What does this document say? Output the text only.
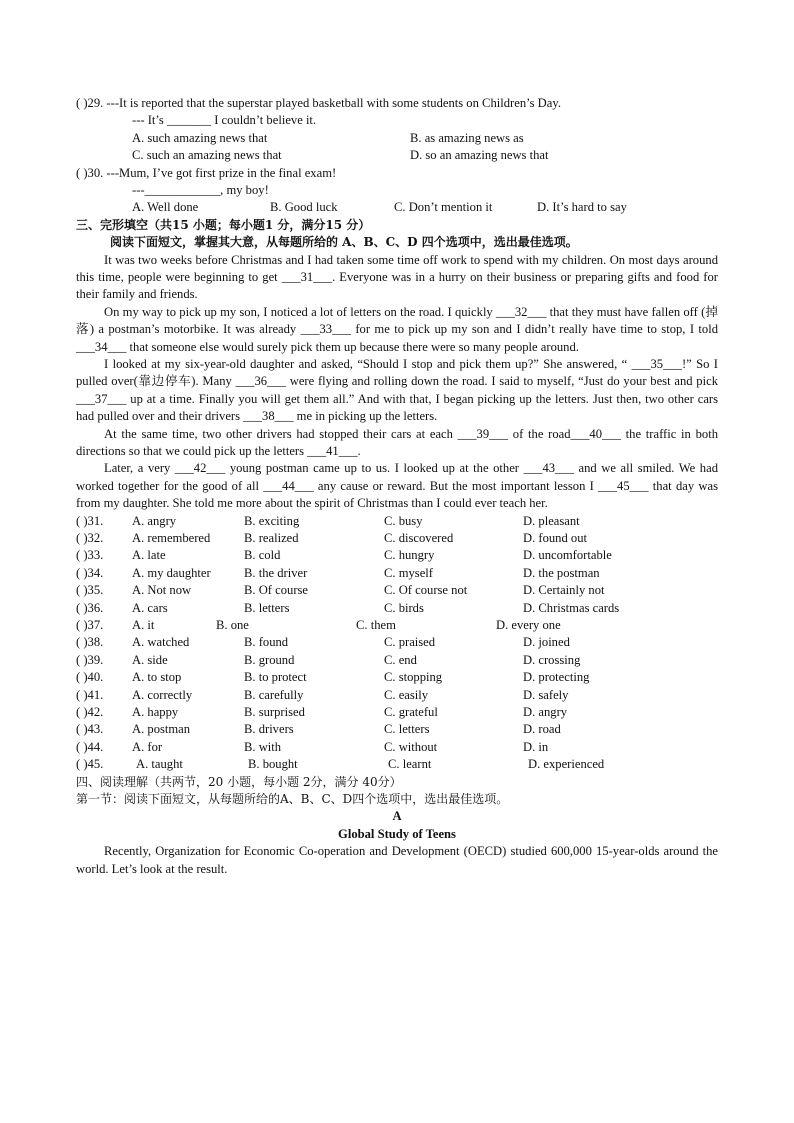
( )29. ---It is reported that the superstar played basketball with some students on Children’s Day.
--- It’s _______ I couldn’t believe it.
A. such amazing news that	B. as amazing news as
C. such an amazing news that	D. so an amazing news that
( )30. ---Mum, I’ve got first prize in the final exam!
---____________, my boy!
A. Well done	B. Good luck	C. Don’t mention it	D. It’s hard to say
三、完形填空（共15 小题；每小题1 分，满分15 分）
阅读下面短文，掌握其大意，从每题所给的 A、B、C、D 四个选项中，选出最佳选项。

It was two weeks before Christmas and I had taken some time off work to spend with my children. On most days around this time, people were beginning to get ___31___. Everyone was in a hurry on their business or preparing gifts and food for their family and friends.

On my way to pick up my son, I noticed a lot of letters on the road. I quickly ___32___ that they must have fallen off (掉落) a postman’s motorbike. It was already ___33___ for me to pick up my son and I didn’t really have time to stop, I told ___34___ that someone else would surely pick them up because there were so many people around.

I looked at my six-year-old daughter and asked, “Should I stop and pick them up?” She answered, “ ___35___!” So I pulled over(靠边停车). Many ___36___ were flying and rolling down the road. I said to myself, “Just do your best and pick ___37___ up at a time. Finally you will get them all.” And with that, I began picking up the letters. Just then, two other cars had pulled over and their drivers ___38___ me in picking up the letters.

At the same time, two other drivers had stopped their cars at each ___39___ of the road___40___ the traffic in both directions so that we could pick up the letters ___41___.

Later, a very ___42___ young postman came up to us. I looked up at the other ___43___ and we all smiled. We had worked together for the good of all ___44___ any cause or reward. But the most important lesson I ___45___ that day was from my daughter. She told me more about the spirit of Christmas than I could ever teach her.

( )31. A. angry	B. exciting	C. busy	D. pleasant
( )32. A. remembered	B. realized	C. discovered	D. found out
( )33. A. late	B. cold	C. hungry	D. uncomfortable
( )34. A. my daughter	B. the driver	C. myself	D. the postman
( )35. A. Not now	B. Of course	C. Of course not	D. Certainly not
( )36. A. cars	B. letters	C. birds	D. Christmas cards
( )37. A. it	B. one	C. them	D. every one
( )38. A. watched	B. found	C. praised	D. joined
( )39. A. side	B. ground	C. end	D. crossing
( )40. A. to stop	B. to protect	C. stopping	D. protecting
( )41. A. correctly	B. carefully	C. easily	D. safely
( )42. A. happy	B. surprised	C. grateful	D. angry
( )43. A. postman	B. drivers	C. letters	D. road
( )44. A. for	B. with	C. without	D. in
( )45.	A. taught	B. bought	C. learnt	D. experienced
四、阅读理解（共两节，20 小题，每小题 2分，满分 40分）
第一节：阅读下面短文，从每题所给的A、B、C、D四个选项中，选出最佳选项。
A
Global Study of Teens

Recently, Organization for Economic Co-operation and Development (OECD) studied 600,000 15-year-olds around the world. Let’s look at the result.
